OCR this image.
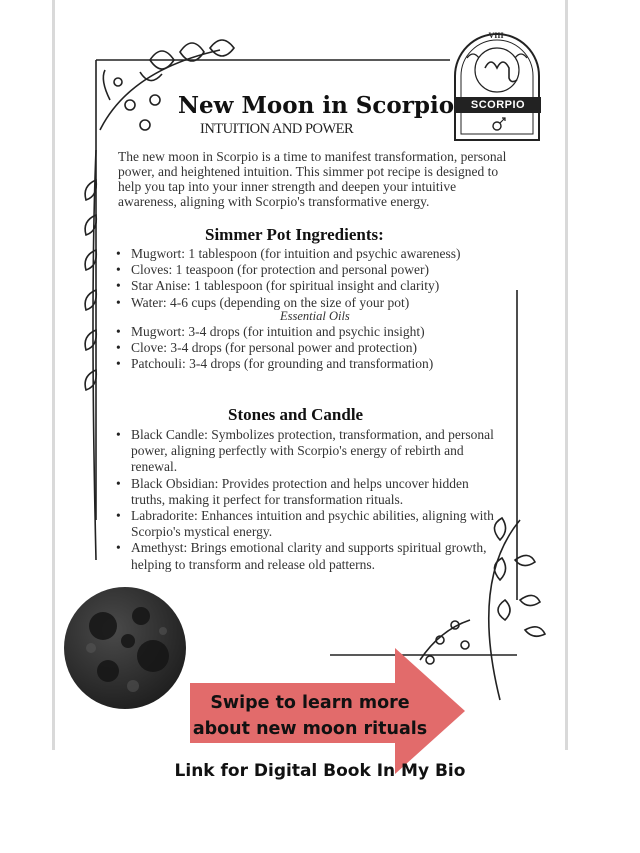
VIII
SCORPIO
New Moon in Scorpio
INTUITION AND POWER

The new moon in Scorpio is a time to manifest transformation, personal power, and heightened intuition. This simmer pot recipe is designed to help you tap into your inner strength and deepen your intuitive awareness, aligning with Scorpio's transformative energy.

Simmer Pot Ingredients:
• Mugwort: 1 tablespoon (for intuition and psychic awareness)
• Cloves: 1 teaspoon (for protection and personal power)
• Star Anise: 1 tablespoon (for spiritual insight and clarity)
• Water: 4-6 cups (depending on the size of your pot)
Essential Oils
• Mugwort: 3-4 drops (for intuition and psychic insight)
• Clove: 3-4 drops (for personal power and protection)
• Patchouli: 3-4 drops (for grounding and transformation)
Stones and Candle
• Black Candle: Symbolizes protection, transformation, and personal power, aligning perfectly with Scorpio's energy of rebirth and renewal.
• Black Obsidian: Provides protection and helps uncover hidden truths, making it perfect for transformation rituals.
• Labradorite: Enhances intuition and psychic abilities, aligning with Scorpio's mystical energy.
• Amethyst: Brings emotional clarity and supports spiritual growth, helping to transform and release old patterns.
Swipe to learn more
about new moon rituals
Link for Digital Book In My Bio
